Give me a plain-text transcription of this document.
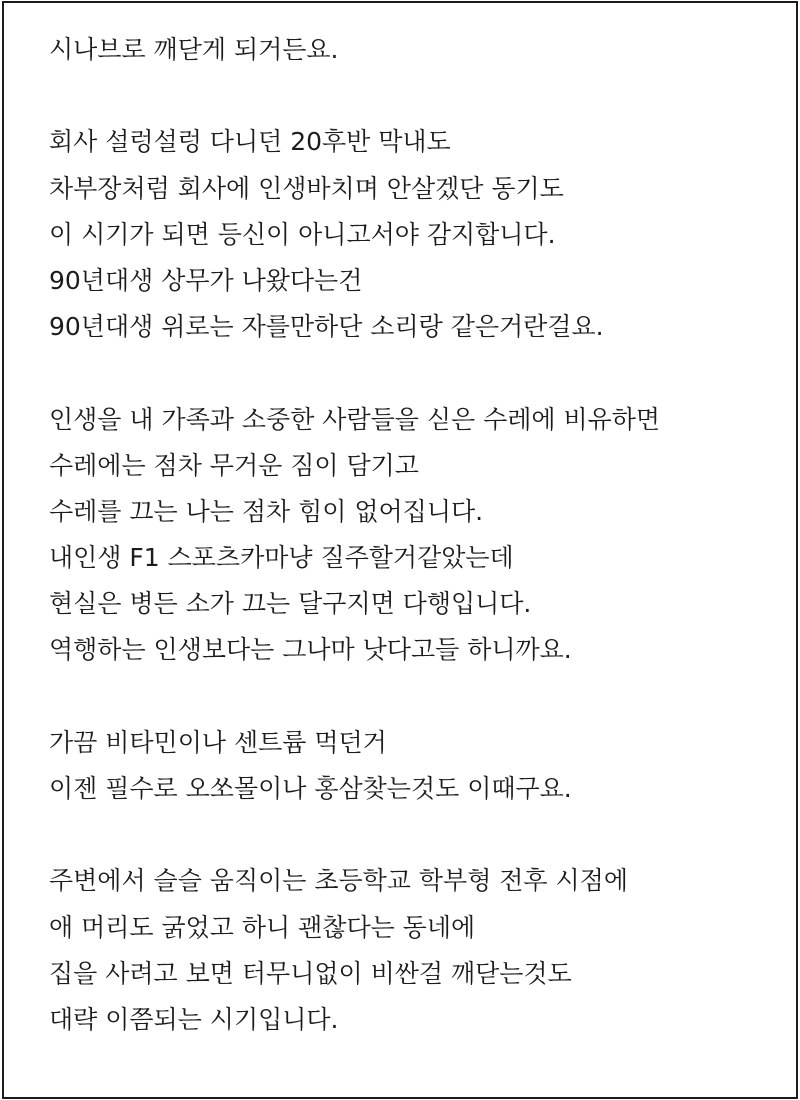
시나브로 깨닫게 되거든요.
회사 설렁설렁 다니던 20후반 막내도
차부장처럼 회사에 인생바치며 안살겠단 동기도
이 시기가 되면 등신이 아니고서야 감지합니다.
90년대생 상무가 나왔다는건
90년대생 위로는 자를만하단 소리랑 같은거란걸요.
인생을 내 가족과 소중한 사람들을 싣은 수레에 비유하면
수레에는 점차 무거운 짐이 담기고
수레를 끄는 나는 점차 힘이 없어집니다.
내인생 F1 스포츠카마냥 질주할거같았는데
현실은 병든 소가 끄는 달구지면 다행입니다.
역행하는 인생보다는 그나마 낫다고들 하니까요.
가끔 비타민이나 센트륨 먹던거
이젠 필수로 오쏘몰이나 홍삼찾는것도 이때구요.
주변에서 슬슬 움직이는 초등학교 학부형 전후 시점에
애 머리도 굵었고 하니 괜찮다는 동네에
집을 사려고 보면 터무니없이 비싼걸 깨닫는것도
대략 이쯤되는 시기입니다.
